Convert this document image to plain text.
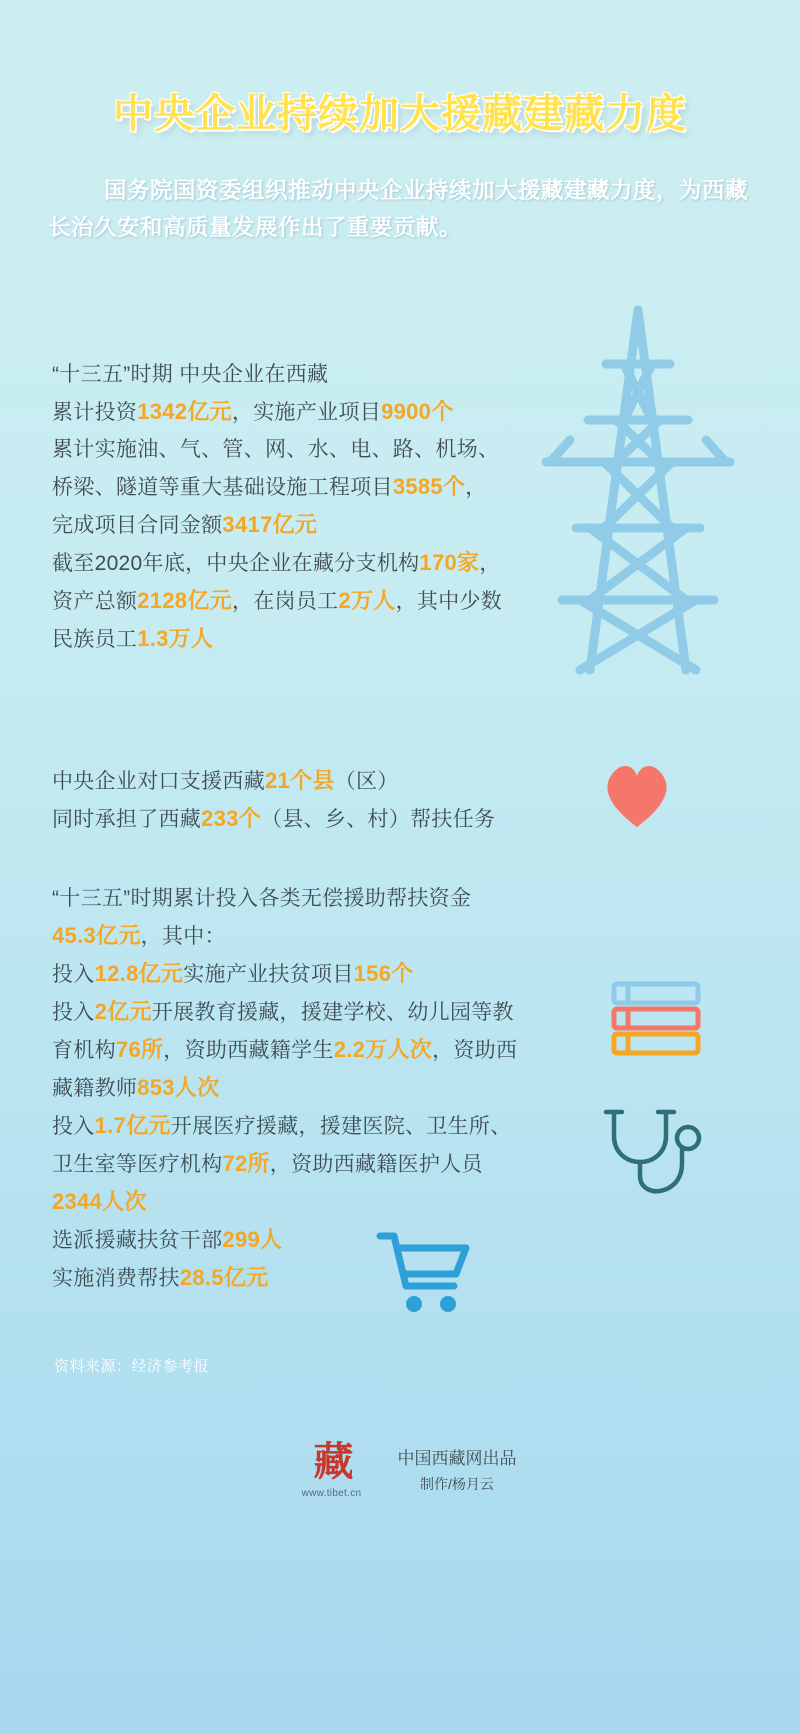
中央企业持续加大援藏建藏力度
国务院国资委组织推动中央企业持续加大援藏建藏力度，为西藏长治久安和高质量发展作出了重要贡献。
“十三五”时期 中央企业在西藏
累计投资1342亿元，实施产业项目9900个
累计实施油、气、管、网、水、电、路、机场、
桥梁、隧道等重大基础设施工程项目3585个，
完成项目合同金额3417亿元
截至2020年底，中央企业在藏分支机构170家，
资产总额2128亿元，在岗员工2万人，其中少数
民族员工1.3万人
中央企业对口支援西藏21个县（区）
同时承担了西藏233个（县、乡、村）帮扶任务
“十三五”时期累计投入各类无偿援助帮扶资金
45.3亿元，其中：
投入12.8亿元实施产业扶贫项目156个
投入2亿元开展教育援藏，援建学校、幼儿园等教
育机构76所，资助西藏籍学生2.2万人次，资助西
藏籍教师853人次
投入1.7亿元开展医疗援藏，援建医院、卫生所、
卫生室等医疗机构72所，资助西藏籍医护人员
2344人次
选派援藏扶贫干部299人
实施消费帮扶28.5亿元
资料来源：经济参考报
藏
www.tibet.cn
中国西藏网出品
制作/杨月云
